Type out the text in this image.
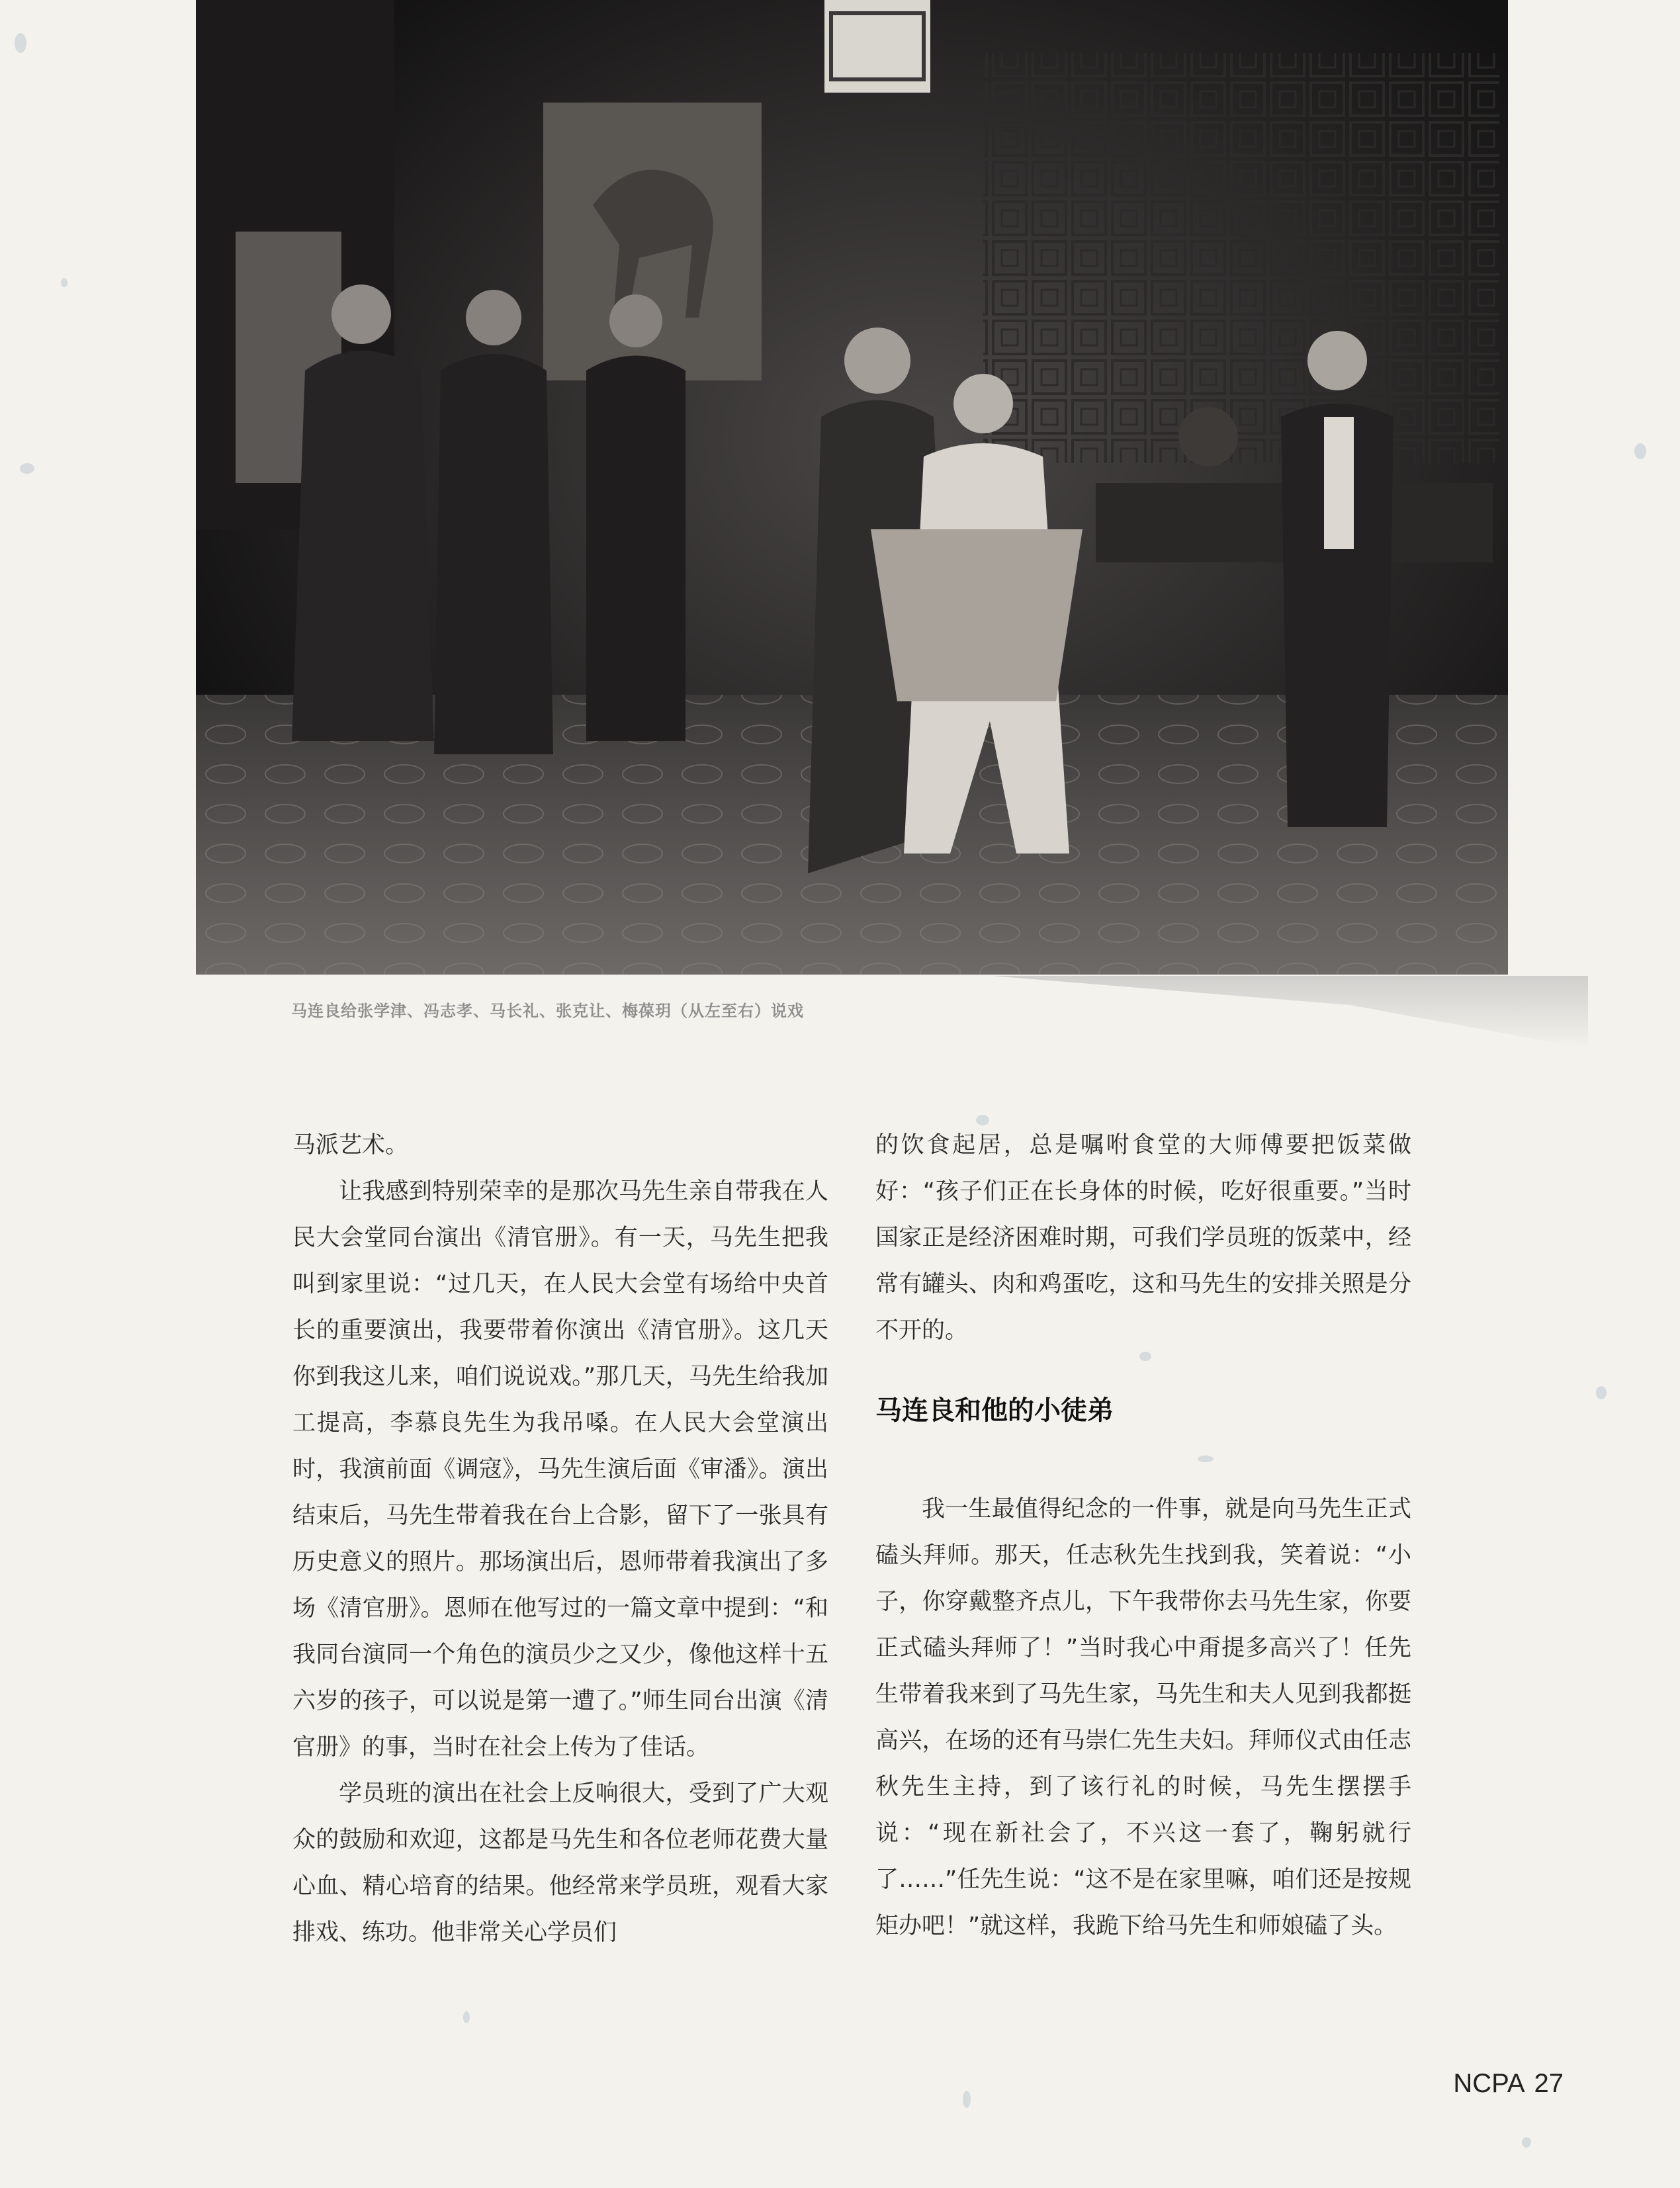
马连良给张学津、冯志孝、马长礼、张克让、梅葆玥（从左至右）说戏

马派艺术。

让我感到特别荣幸的是那次马先生亲自带我在人民大会堂同台演出《清官册》。有一天，马先生把我叫到家里说：“过几天，在人民大会堂有场给中央首长的重要演出，我要带着你演出《清官册》。这几天你到我这儿来，咱们说说戏。”那几天，马先生给我加工提高，李慕良先生为我吊嗓。在人民大会堂演出时，我演前面《调寇》，马先生演后面《审潘》。演出结束后，马先生带着我在台上合影，留下了一张具有历史意义的照片。那场演出后，恩师带着我演出了多场《清官册》。恩师在他写过的一篇文章中提到：“和我同台演同一个角色的演员少之又少，像他这样十五六岁的孩子，可以说是第一遭了。”师生同台出演《清官册》的事，当时在社会上传为了佳话。

学员班的演出在社会上反响很大，受到了广大观众的鼓励和欢迎，这都是马先生和各位老师花费大量心血、精心培育的结果。他经常来学员班，观看大家排戏、练功。他非常关心学员们

的饮食起居，总是嘱咐食堂的大师傅要把饭菜做好：“孩子们正在长身体的时候，吃好很重要。”当时国家正是经济困难时期，可我们学员班的饭菜中，经常有罐头、肉和鸡蛋吃，这和马先生的安排关照是分不开的。

马连良和他的小徒弟

我一生最值得纪念的一件事，就是向马先生正式磕头拜师。那天，任志秋先生找到我，笑着说：“小子，你穿戴整齐点儿，下午我带你去马先生家，你要正式磕头拜师了！”当时我心中甭提多高兴了！任先生带着我来到了马先生家，马先生和夫人见到我都挺高兴，在场的还有马崇仁先生夫妇。拜师仪式由任志秋先生主持，到了该行礼的时候，马先生摆摆手说：“现在新社会了，不兴这一套了，鞠躬就行了……”任先生说：“这不是在家里嘛，咱们还是按规矩办吧！”就这样，我跪下给马先生和师娘磕了头。

NCPA 27
